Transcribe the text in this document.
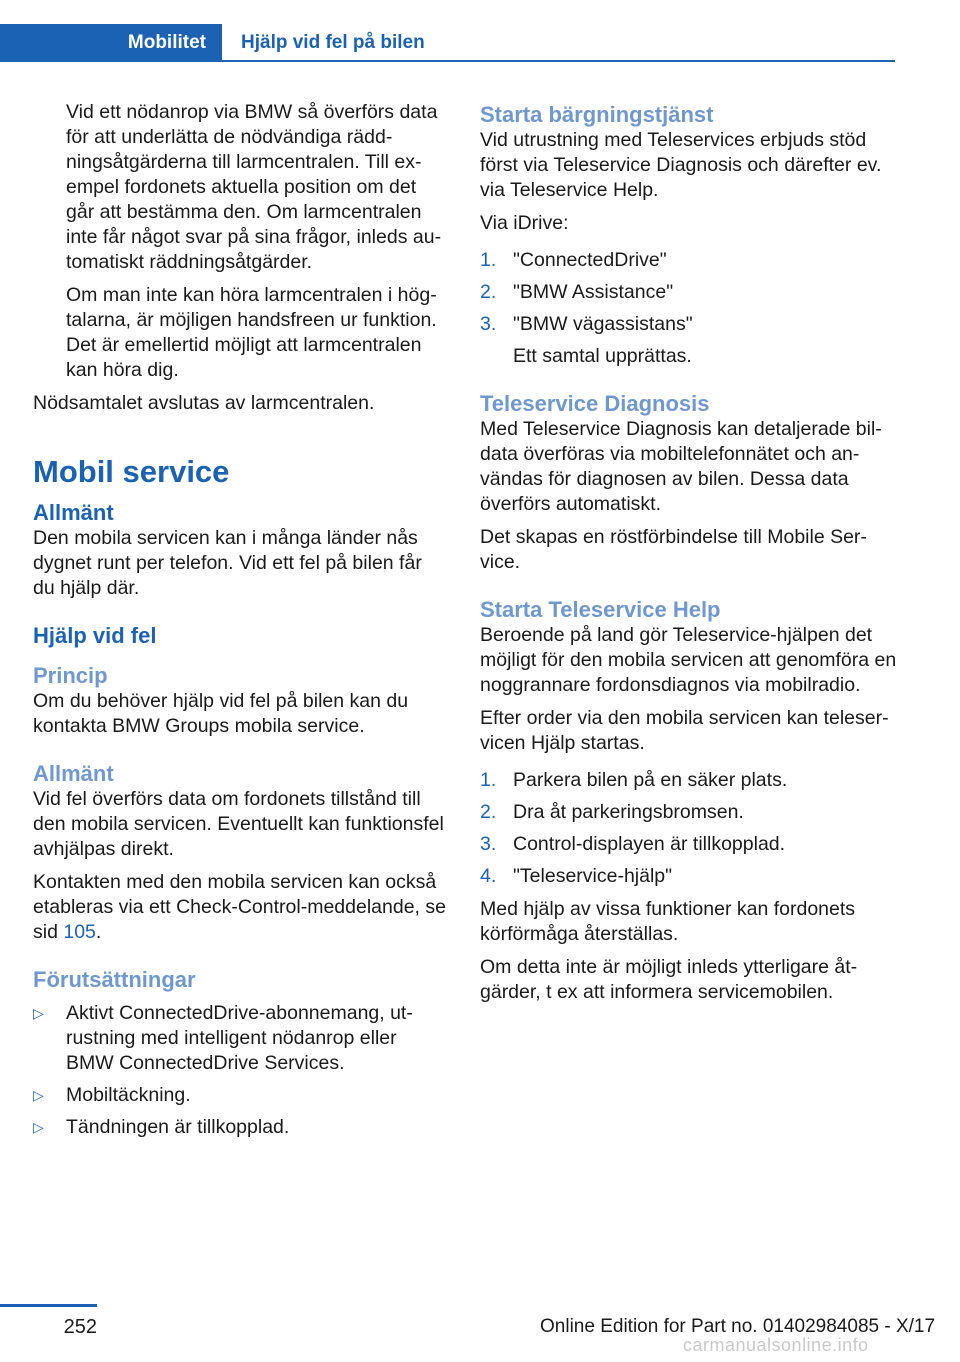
Mobilitet	Hjälp vid fel på bilen

Vid ett nödanrop via BMW så överförs data för att underlätta de nödvändiga räddningsåtgärderna till larmcentralen. Till exempel fordonets aktuella position om det går att bestämma den. Om larmcentralen inte får något svar på sina frågor, inleds automatiskt räddningsåtgärder.

Om man inte kan höra larmcentralen i högtalarna, är möjligen handsfreen ur funktion. Det är emellertid möjligt att larmcentralen kan höra dig.

Nödsamtalet avslutas av larmcentralen.

Mobil service
Allmänt

Den mobila servicen kan i många länder nås dygnet runt per telefon. Vid ett fel på bilen får du hjälp där.

Hjälp vid fel
Princip

Om du behöver hjälp vid fel på bilen kan du kontakta BMW Groups mobila service.

Allmänt

Vid fel överförs data om fordonets tillstånd till den mobila servicen. Eventuellt kan funktionsfel avhjälpas direkt.

Kontakten med den mobila servicen kan också etableras via ett Check-Control-meddelande, se sid 105.

Förutsättningar
▷ Aktivt ConnectedDrive-abonnemang, utrustning med intelligent nödanrop eller BMW ConnectedDrive Services.
▷ Mobiltäckning.
▷ Tändningen är tillkopplad.
Starta bärgningstjänst

Vid utrustning med Teleservices erbjuds stöd först via Teleservice Diagnosis och därefter ev. via Teleservice Help.

Via iDrive:

1. "ConnectedDrive"
2. "BMW Assistance"
3. "BMW vägassistans"
Ett samtal upprättas.
Teleservice Diagnosis

Med Teleservice Diagnosis kan detaljerade bildata överföras via mobiltelefonnätet och användas för diagnosen av bilen. Dessa data överförs automatiskt.

Det skapas en röstförbindelse till Mobile Service.

Starta Teleservice Help

Beroende på land gör Teleservice-hjälpen det möjligt för den mobila servicen att genomföra en noggrannare fordonsdiagnos via mobilradio.

Efter order via den mobila servicen kan teleservicen Hjälp startas.

1. Parkera bilen på en säker plats.
2. Dra åt parkeringsbromsen.
3. Control-displayen är tillkopplad.
4. "Teleservice-hjälp"

Med hjälp av vissa funktioner kan fordonets körförmåga återställas.

Om detta inte är möjligt inleds ytterligare åtgärder, t ex att informera servicemobilen.

252	Online Edition for Part no. 01402984085 - X/17
carmanualsonline.info
